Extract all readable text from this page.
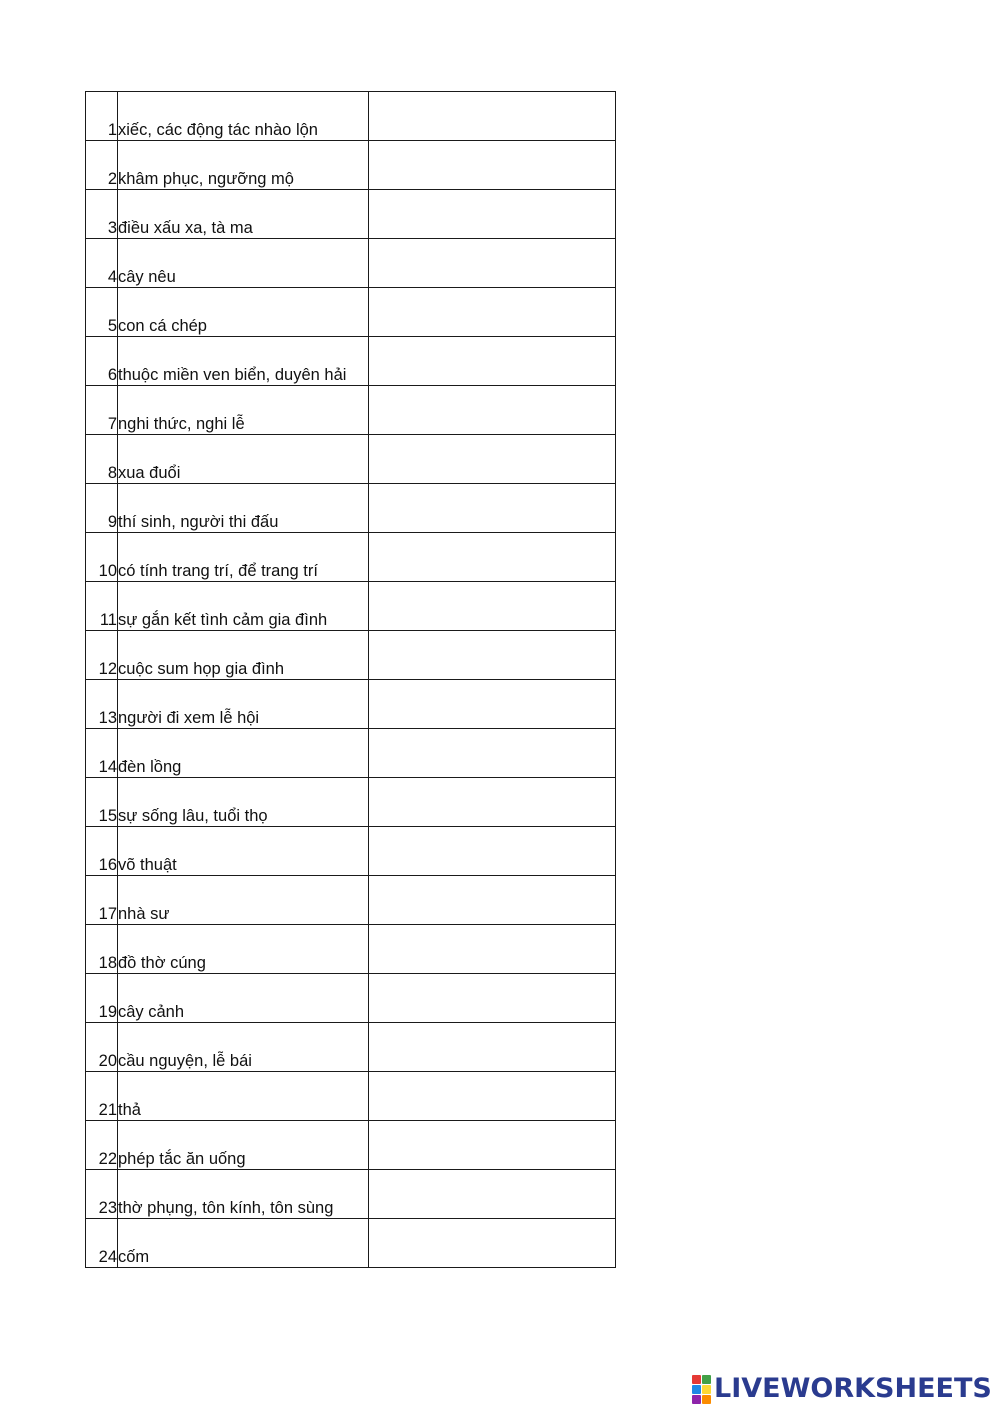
1	xiếc, các động tác nhào lộn	
2	khâm phục, ngưỡng mộ	
3	điều xấu xa, tà ma	
4	cây nêu	
5	con cá chép	
6	thuộc miền ven biển, duyên hải	
7	nghi thức, nghi lễ	
8	xua đuổi	
9	thí sinh, người thi đấu	
10	có tính trang trí, để trang trí	
11	sự gắn kết tình cảm gia đình	
12	cuộc sum họp gia đình	
13	người đi xem lễ hội	
14	đèn lồng	
15	sự sống lâu, tuổi thọ	
16	võ thuật	
17	nhà sư	
18	đồ thờ cúng	
19	cây cảnh	
20	cầu nguyện, lễ bái	
21	thả	
22	phép tắc ăn uống	
23	thờ phụng, tôn kính, tôn sùng	
24	cốm	
LIVEWORKSHEETS
